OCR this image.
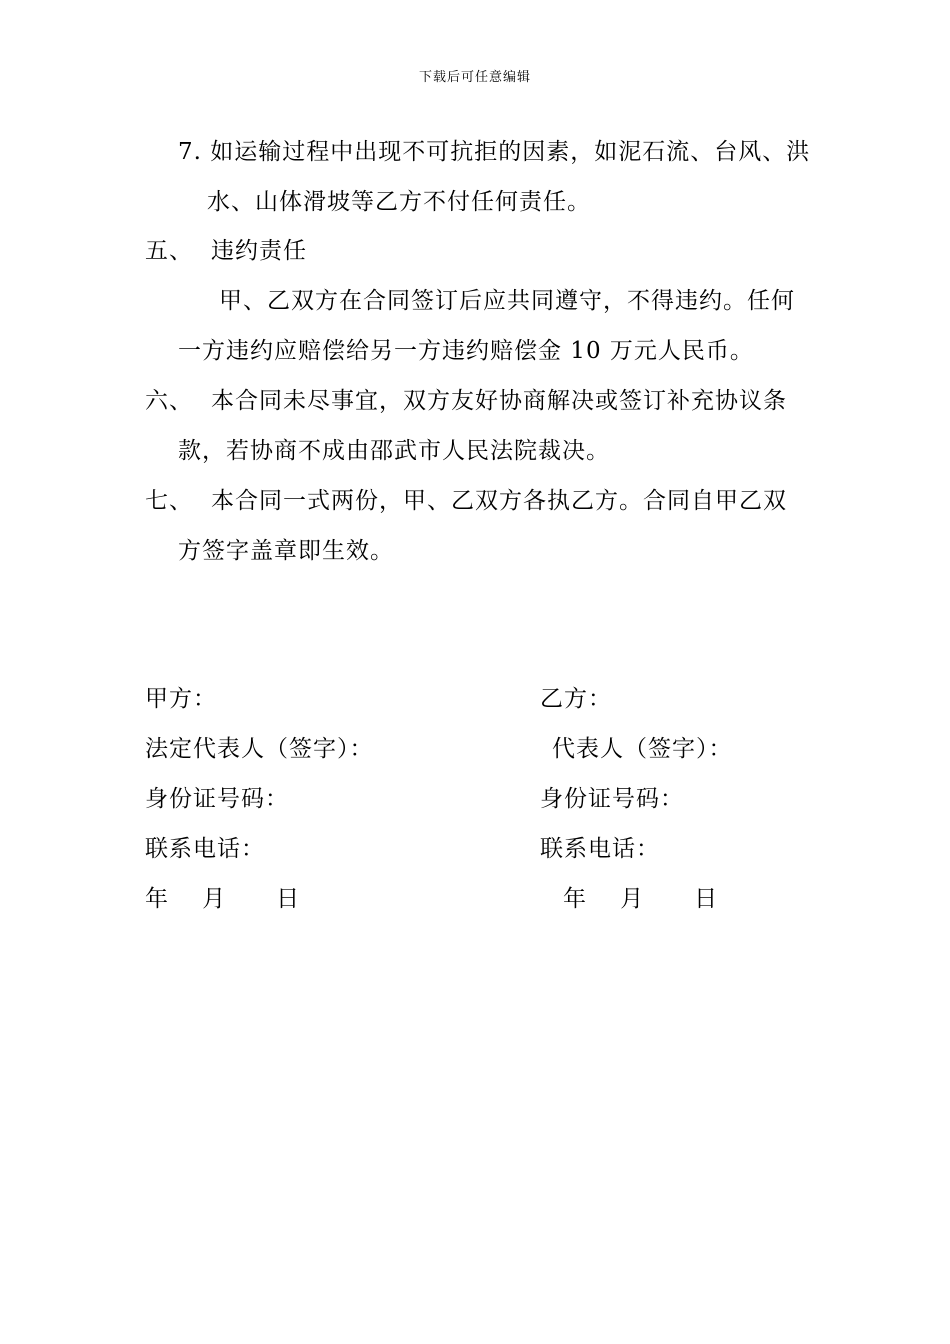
下载后可任意编辑
7. 如运输过程中出现不可抗拒的因素，如泥石流、台风、洪
水、山体滑坡等乙方不付任何责任。
五、 违约责任
甲、乙双方在合同签订后应共同遵守，不得违约。任何
一方违约应赔偿给另一方违约赔偿金 10 万元人民币。
六、 本合同未尽事宜，双方友好协商解决或签订补充协议条
款，若协商不成由邵武市人民法院裁决。
七、 本合同一式两份，甲、乙双方各执乙方。合同自甲乙双
方签字盖章即生效。
甲方：
法定代表人（签字）：
身份证号码：
联系电话：
年    月      日
乙方：
代表人（签字）：
身份证号码：
联系电话：
年    月      日
